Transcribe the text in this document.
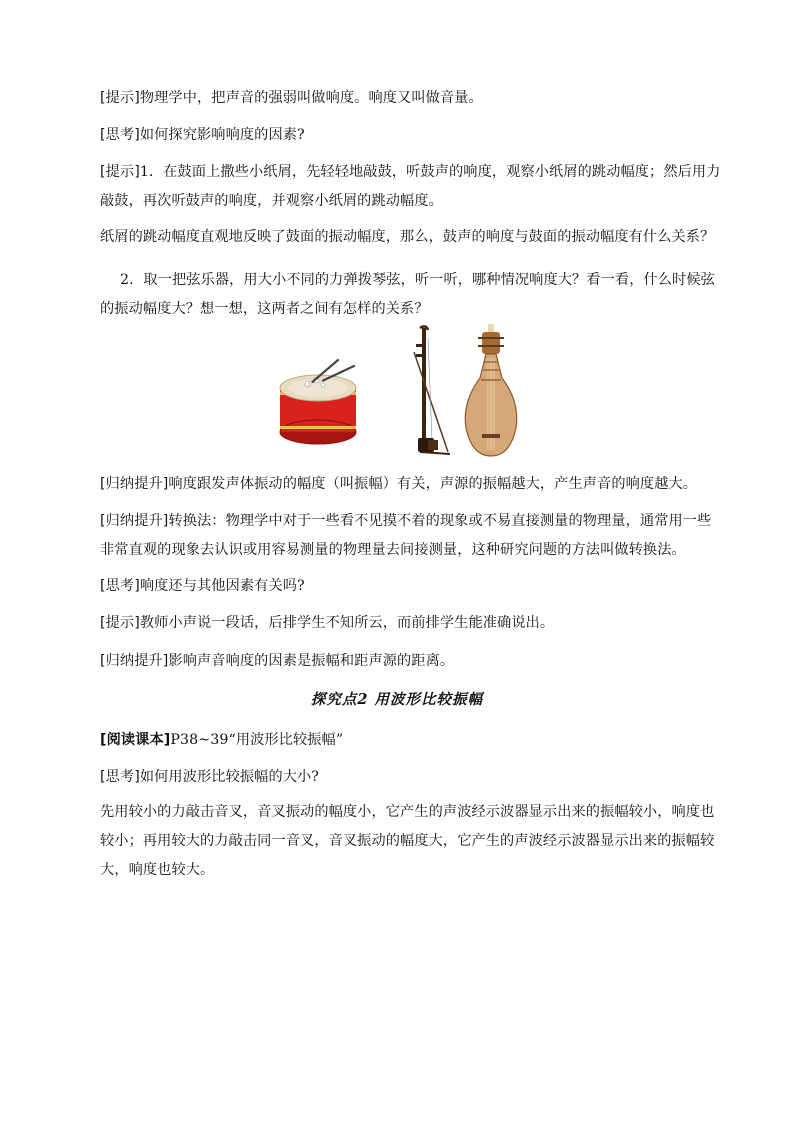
[提示]物理学中，把声音的强弱叫做响度。响度又叫做音量。

[思考]如何探究影响响度的因素?

[提示]1．在鼓面上撒些小纸屑，先轻轻地敲鼓，听鼓声的响度，观察小纸屑的跳动幅度；然后用力敲鼓，再次听鼓声的响度，并观察小纸屑的跳动幅度。

纸屑的跳动幅度直观地反映了鼓面的振动幅度，那么，鼓声的响度与鼓面的振动幅度有什么关系？

2．取一把弦乐器，用大小不同的力弹拨琴弦，听一听，哪种情况响度大？看一看，什么时候弦的振动幅度大？想一想，这两者之间有怎样的关系？

[归纳提升]响度跟发声体振动的幅度（叫振幅）有关，声源的振幅越大，产生声音的响度越大。

[归纳提升]转换法：物理学中对于一些看不见摸不着的现象或不易直接测量的物理量，通常用一些非常直观的现象去认识或用容易测量的物理量去间接测量，这种研究问题的方法叫做转换法。

[思考]响度还与其他因素有关吗?

[提示]教师小声说一段话，后排学生不知所云，而前排学生能准确说出。

[归纳提升]影响声音响度的因素是振幅和距声源的距离。

探究点2 用波形比较振幅

[阅读课本]P38~39“用波形比较振幅”

[思考]如何用波形比较振幅的大小?

先用较小的力敲击音叉，音叉振动的幅度小，它产生的声波经示波器显示出来的振幅较小，响度也较小；再用较大的力敲击同一音叉，音叉振动的幅度大，它产生的声波经示波器显示出来的振幅较大，响度也较大。
